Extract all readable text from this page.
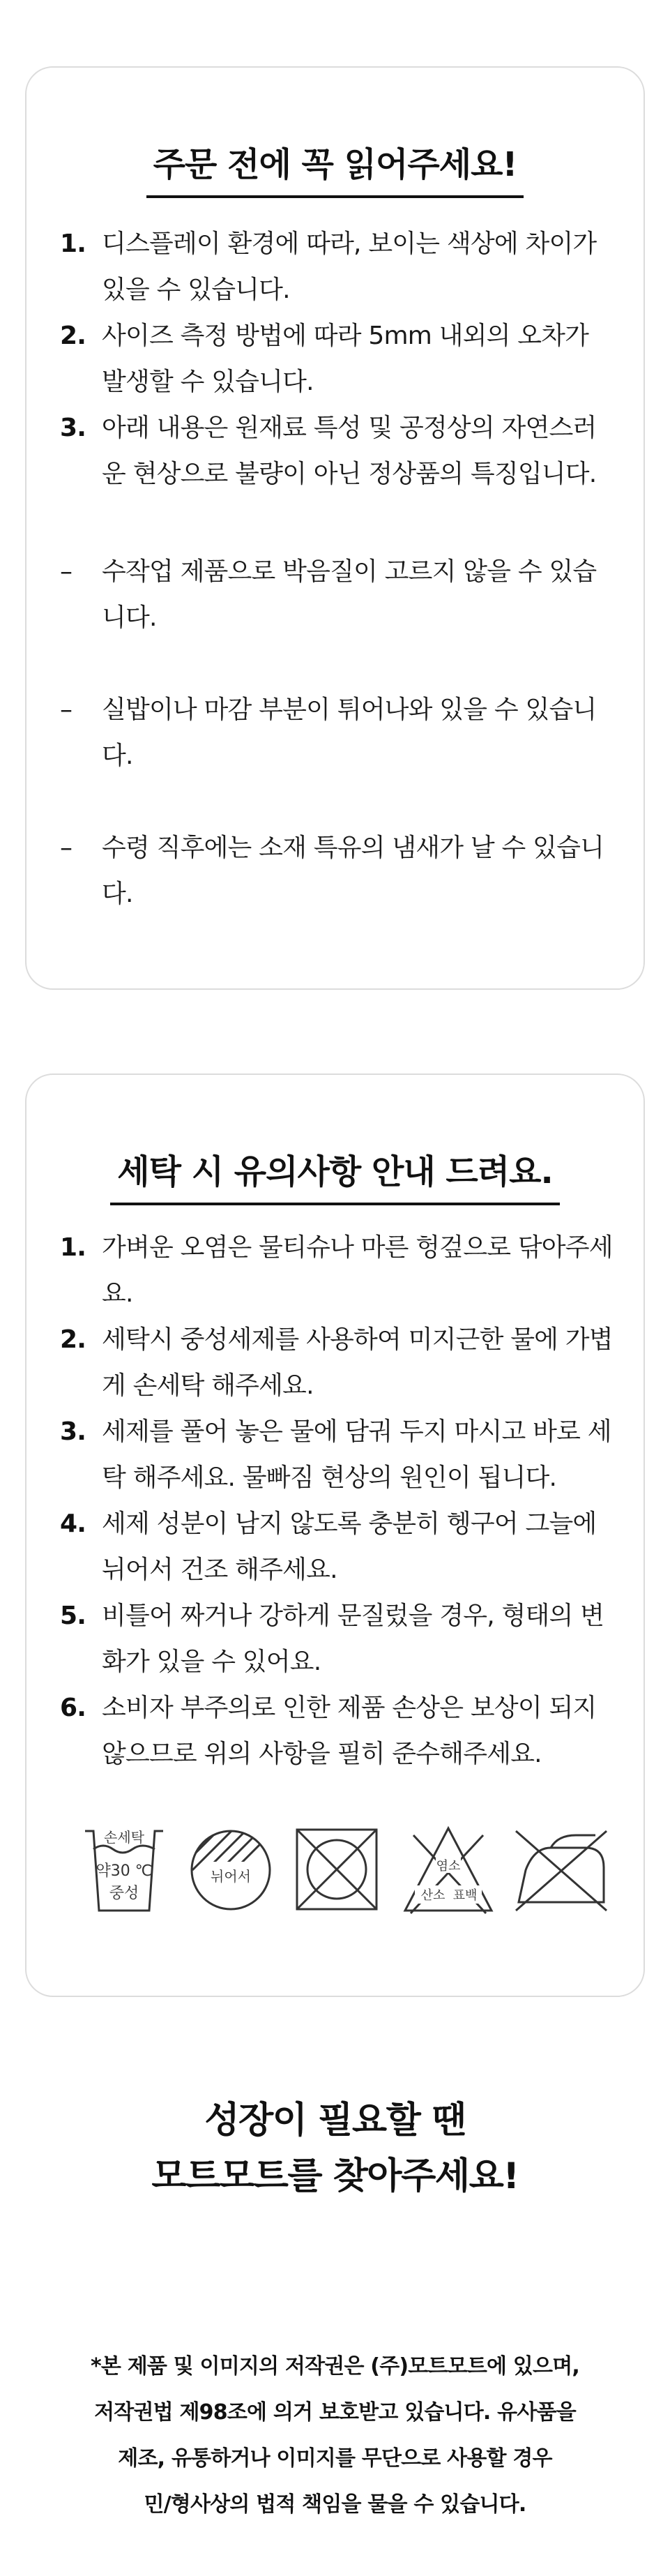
주문 전에 꼭 읽어주세요!
1. 디스플레이 환경에 따라, 보이는 색상에 차이가 있을 수 있습니다.
2. 사이즈 측정 방법에 따라 5mm 내외의 오차가 발생할 수 있습니다.
3. 아래 내용은 원재료 특성 및 공정상의 자연스러운 현상으로 불량이 아닌 정상품의 특징입니다.
– 수작업 제품으로 박음질이 고르지 않을 수 있습니다.
– 실밥이나 마감 부분이 튀어나와 있을 수 있습니다.
– 수령 직후에는 소재 특유의 냄새가 날 수 있습니다.
세탁 시 유의사항 안내 드려요.
1. 가벼운 오염은 물티슈나 마른 헝겊으로 닦아주세요.
2. 세탁시 중성세제를 사용하여 미지근한 물에 가볍게 손세탁 해주세요.
3. 세제를 풀어 놓은 물에 담궈 두지 마시고 바로 세탁 해주세요. 물빠짐 현상의 원인이 됩니다.
4. 세제 성분이 남지 않도록 충분히 헹구어 그늘에 뉘어서 건조 해주세요.
5. 비틀어 짜거나 강하게 문질렀을 경우, 형태의 변화가 있을 수 있어요.
6. 소비자 부주의로 인한 제품 손상은 보상이 되지 않으므로 위의 사항을 필히 준수해주세요.
손세탁
약30 ℃
중성
뉘어서
염소
산소 표백
성장이 필요할 땐
모트모트를 찾아주세요!
*본 제품 및 이미지의 저작권은 (주)모트모트에 있으며,
저작권법 제98조에 의거 보호받고 있습니다. 유사품을
제조, 유통하거나 이미지를 무단으로 사용할 경우
민/형사상의 법적 책임을 물을 수 있습니다.
